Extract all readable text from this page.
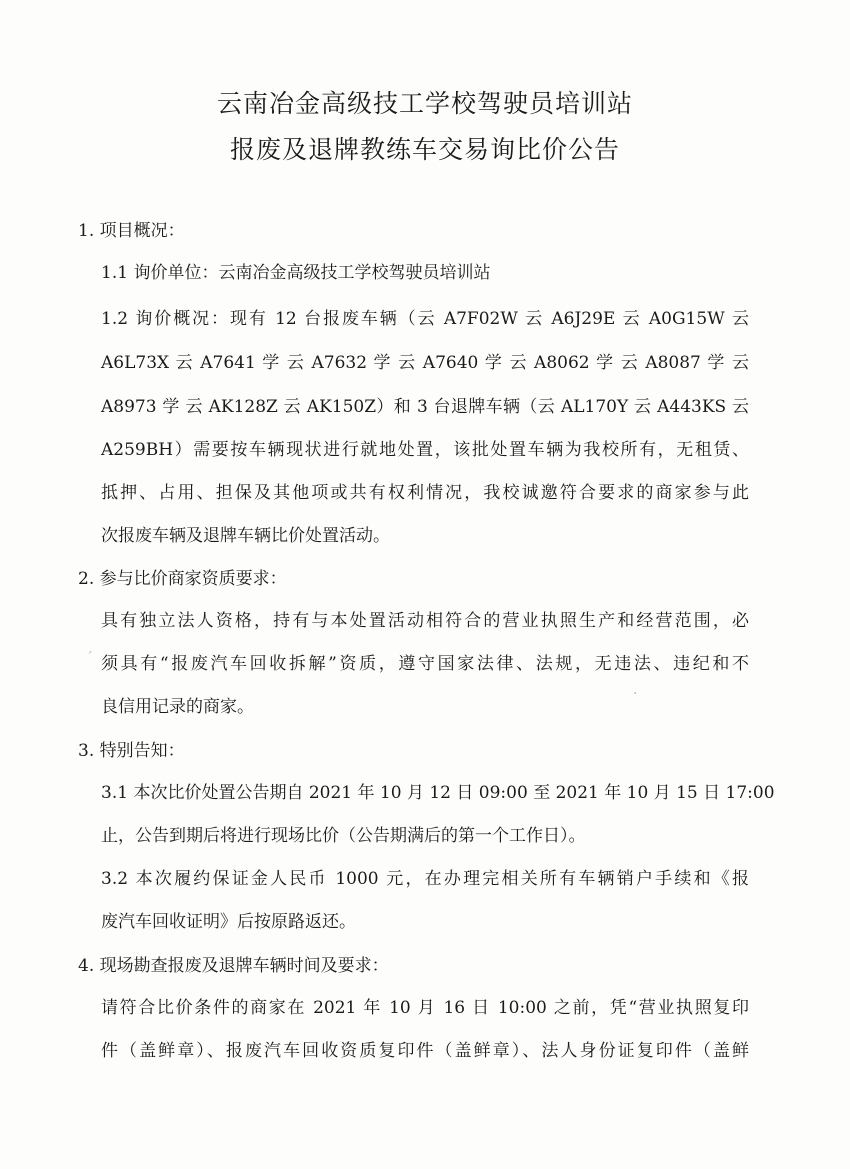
云南冶金高级技工学校驾驶员培训站
报废及退牌教练车交易询比价公告
1. 项目概况：
1.1 询价单位：云南冶金高级技工学校驾驶员培训站
1.2 询价概况：现有 12 台报废车辆（云 A7F02W 云 A6J29E 云 A0G15W 云
A6L73X 云 A7641 学 云 A7632 学 云 A7640 学 云 A8062 学 云 A8087 学 云
A8973 学 云 AK128Z 云 AK150Z）和 3 台退牌车辆（云 AL170Y 云 A443KS 云
A259BH）需要按车辆现状进行就地处置，该批处置车辆为我校所有，无租赁、
抵押、占用、担保及其他项或共有权利情况，我校诚邀符合要求的商家参与此
次报废车辆及退牌车辆比价处置活动。
2. 参与比价商家资质要求：
具有独立法人资格，持有与本处置活动相符合的营业执照生产和经营范围，必
须具有“报废汽车回收拆解”资质，遵守国家法律、法规，无违法、违纪和不
良信用记录的商家。
3. 特别告知：
3.1 本次比价处置公告期自 2021 年 10 月 12 日 09:00 至 2021 年 10 月 15 日 17:00
止，公告到期后将进行现场比价（公告期满后的第一个工作日）。
3.2 本次履约保证金人民币 1000 元，在办理完相关所有车辆销户手续和《报
废汽车回收证明》后按原路返还。
4. 现场勘查报废及退牌车辆时间及要求：
请符合比价条件的商家在 2021 年 10 月 16 日 10:00 之前，凭“营业执照复印
件（盖鲜章）、报废汽车回收资质复印件（盖鲜章）、法人身份证复印件（盖鲜
ˊ
·
